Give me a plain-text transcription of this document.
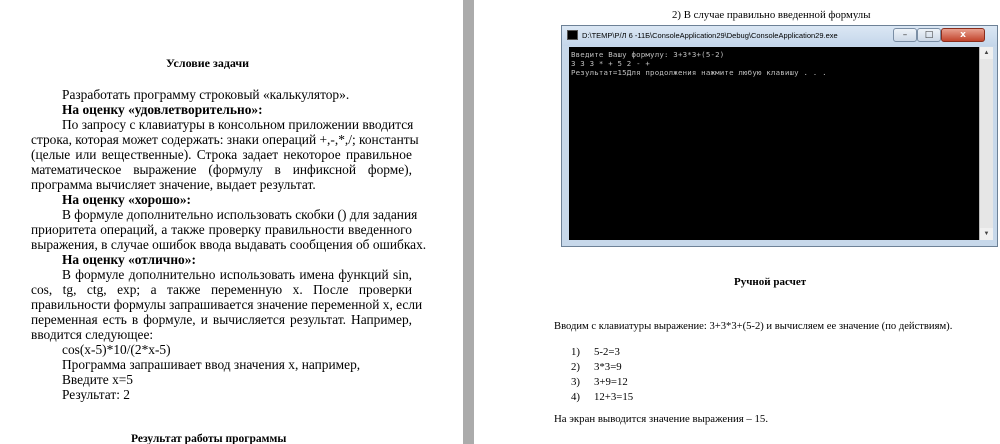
Условие задачи
Разработать программу строковый «калькулятор».
На оценку «удовлетворительно»:
По запросу с клавиатуры в консольном приложении вводится
строка, которая может содержать: знаки операций +,-,*,/; константы
(целые или вещественные). Строка задает некоторое правильное
математическое выражение (формулу в инфиксной форме),
программа вычисляет значение, выдает результат.
На оценку «хорошо»:
В формуле дополнительно использовать скобки () для задания
приоритета операций, а также проверку правильности введенного
выражения, в случае ошибок ввода выдавать сообщения об ошибках.
На оценку «отлично»:
В формуле дополнительно использовать имена функций sin,
cos, tg, ctg, exp; а также переменную x. После проверки
правильности формулы запрашивается значение переменной x, если
переменная есть в формуле, и вычисляется результат. Например,
вводится следующее:
cos(x-5)*10/(2*x-5)
Программа запрашивает ввод значения x, например,
Введите x=5
Результат: 2
Результат работы программы
2) В случае правильно введенной формулы
D:\TEMP\Р/Л 6 -11Б\ConsoleApplication29\Debug\ConsoleApplication29.exe	–	□	x
Введите Вашу формулу: 3+3*3+(5-2)
3 3 3 * + 5 2 - +
Результат=15Для продолжения нажмите любую клавишу . . .
▲
▼
Ручной расчет
Вводим с клавиатуры выражение: 3+3*3+(5-2) и вычисляем ее значение (по действиям).
1) 5-2=3
2) 3*3=9
3) 3+9=12
4) 12+3=15
На экран выводится значение выражения – 15.
